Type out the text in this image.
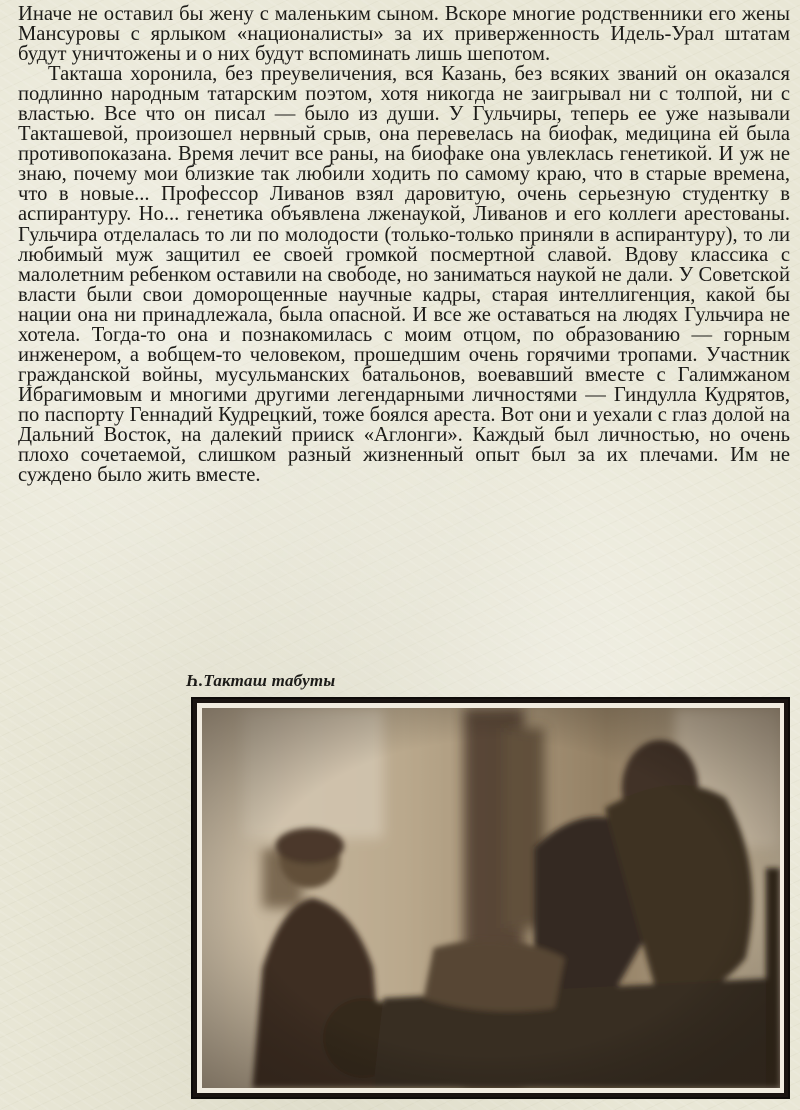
Иначе не оставил бы жену с маленьким сыном. Вскоре многие родственники его жены Мансуровы с ярлыком «националисты» за их приверженность Идель-Урал штатам будут уничтожены и о них будут вспоминать лишь шепотом.

Такташа хоронила, без преувеличения, вся Казань, без всяких званий он оказался подлинно народным татарским поэтом, хотя никогда не заигрывал ни с толпой, ни с властью. Все что он писал — было из души. У Гульчиры, теперь ее уже называли Такташевой, произошел нервный срыв, она перевелась на биофак, медицина ей была противопоказана. Время лечит все раны, на биофаке она увлеклась генетикой. И уж не знаю, почему мои близкие так любили ходить по самому краю, что в старые времена, что в новые... Профессор Ливанов взял даровитую, очень серьезную студентку в аспирантуру. Но... генетика объявлена лженаукой, Ливанов и его коллеги арестованы. Гульчира отделалась то ли по молодости (только-только приняли в аспирантуру), то ли любимый муж защитил ее своей громкой посмертной славой. Вдову классика с малолетним ребенком оставили на свободе, но заниматься наукой не дали. У Советской власти были свои доморощенные научные кадры, старая интеллигенция, какой бы нации она ни принадлежала, была опасной. И все же оставаться на людях Гульчира не хотела. Тогда-то она и познакомилась с моим отцом, по образованию — горным инженером, а вобщем-то человеком, прошедшим очень горячими тропами. Участник гражданской войны, мусульманских батальонов, воевавший вместе с Галимжаном Ибрагимовым и многими другими легендарными личностями — Гиндулла Кудрятов, по паспорту Геннадий Кудрецкий, тоже боялся ареста. Вот они и уехали с глаз долой на Дальний Восток, на далекий прииск «Аглонги». Каждый был личностью, но очень плохо сочетаемой, слишком разный жизненный опыт был за их плечами. Им не суждено было жить вместе.

Һ.Такташ табуты
